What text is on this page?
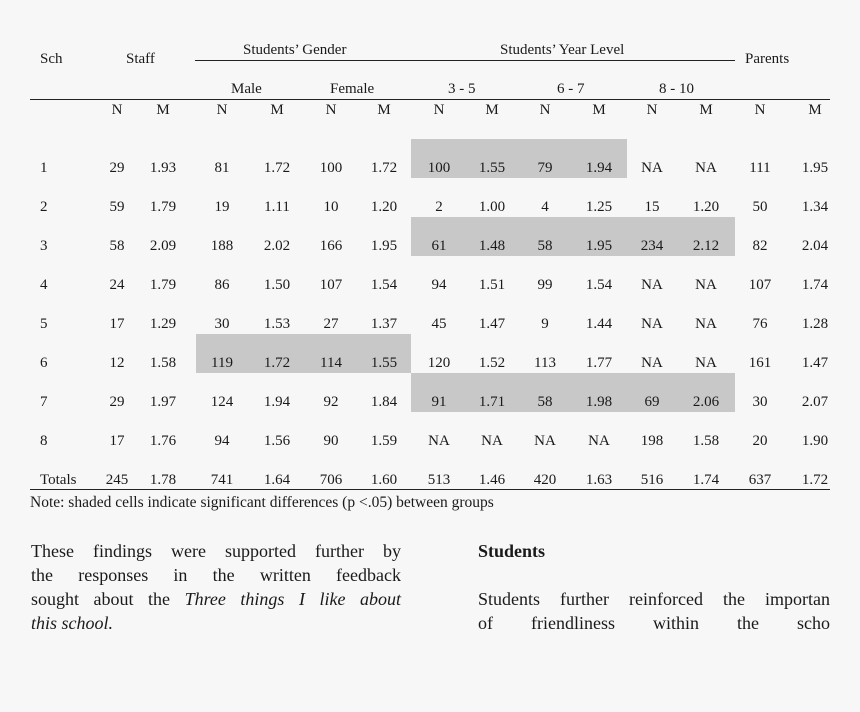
Sch	Staff
Students’ Gender	Students’ Year Level
Parents
Male	Female	3 - 5	6 - 7	8 - 10
N	M	N	M	N	M	N	M	N	M	N	M	N	M
1	29	1.93	81	1.72	100	1.72	100	1.55	79	1.94	NA	NA	111	1.95
2	59	1.79	19	1.11	10	1.20	2	1.00	4	1.25	15	1.20	50	1.34
3	58	2.09	188	2.02	166	1.95	61	1.48	58	1.95	234	2.12	82	2.04
4	24	1.79	86	1.50	107	1.54	94	1.51	99	1.54	NA	NA	107	1.74
5	17	1.29	30	1.53	27	1.37	45	1.47	9	1.44	NA	NA	76	1.28
6	12	1.58	119	1.72	114	1.55	120	1.52	113	1.77	NA	NA	161	1.47
7	29	1.97	124	1.94	92	1.84	91	1.71	58	1.98	69	2.06	30	2.07
8	17	1.76	94	1.56	90	1.59	NA	NA	NA	NA	198	1.58	20	1.90
Totals	245	1.78	741	1.64	706	1.60	513	1.46	420	1.63	516	1.74	637	1.72
Note: shaded cells indicate significant differences (p <.05) between groups
These findings were supported further by
the responses in the written feedback
sought about the Three things I like about
this school.
Students
Students further reinforced the importan
of friendliness within the scho
